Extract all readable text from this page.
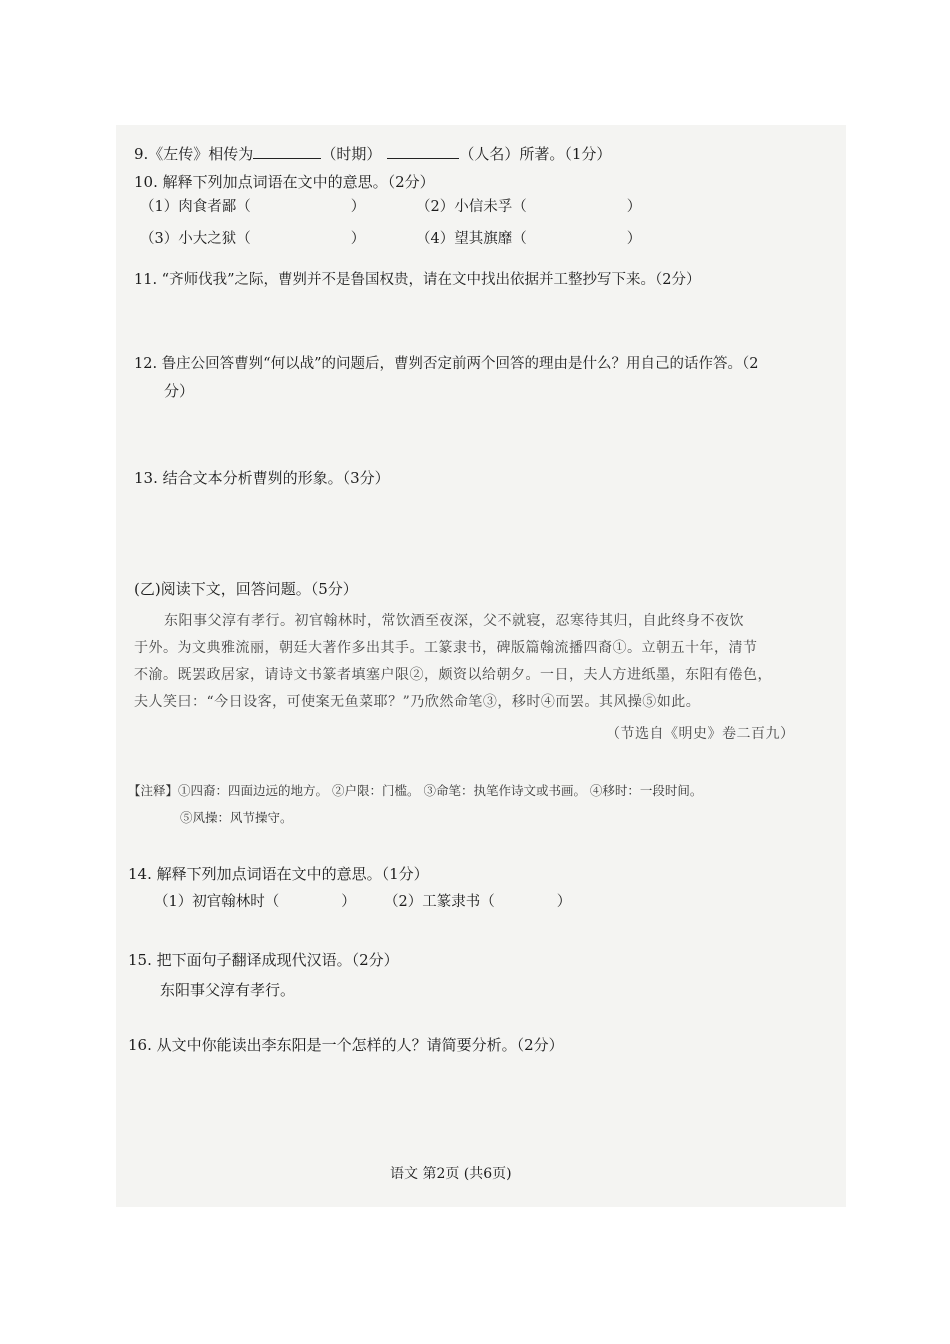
9.《左传》相传为	（时期）	（人名）所著。（1分）
10. 解释下列加点词语在文中的意思。（2分）
（1）肉食者鄙（	）	（2）小信未孚（	）
（3）小大之狱（	）	（4）望其旗靡（	）
11. “齐师伐我”之际，曹刿并不是鲁国权贵，请在文中找出依据并工整抄写下来。（2分）
12. 鲁庄公回答曹刿“何以战”的问题后，曹刿否定前两个回答的理由是什么？用自己的话作答。（2
分）
13. 结合文本分析曹刿的形象。（3分）
(乙)阅读下文，回答问题。（5分）
东阳事父淳有孝行。初官翰林时，常饮酒至夜深，父不就寝，忍寒待其归，自此终身不夜饮
于外。为文典雅流丽，朝廷大著作多出其手。工篆隶书，碑版篇翰流播四裔①。立朝五十年，清节
不渝。既罢政居家，请诗文书篆者填塞户限②，颇资以给朝夕。一日，夫人方进纸墨，东阳有倦色，
夫人笑曰：“今日设客，可使案无鱼菜耶？”乃欣然命笔③，移时④而罢。其风操⑤如此。
（节选自《明史》卷二百九）
【注释】①四裔：四面边远的地方。 ②户限：门槛。 ③命笔：执笔作诗文或书画。 ④移时：一段时间。
⑤风操：风节操守。
14. 解释下列加点词语在文中的意思。（1分）
（1）初官翰林时（	） （2）工篆隶书（	）
15. 把下面句子翻译成现代汉语。（2分）
东阳事父淳有孝行。
16. 从文中你能读出李东阳是一个怎样的人？请简要分析。（2分）
语文 第2页 (共6页)
